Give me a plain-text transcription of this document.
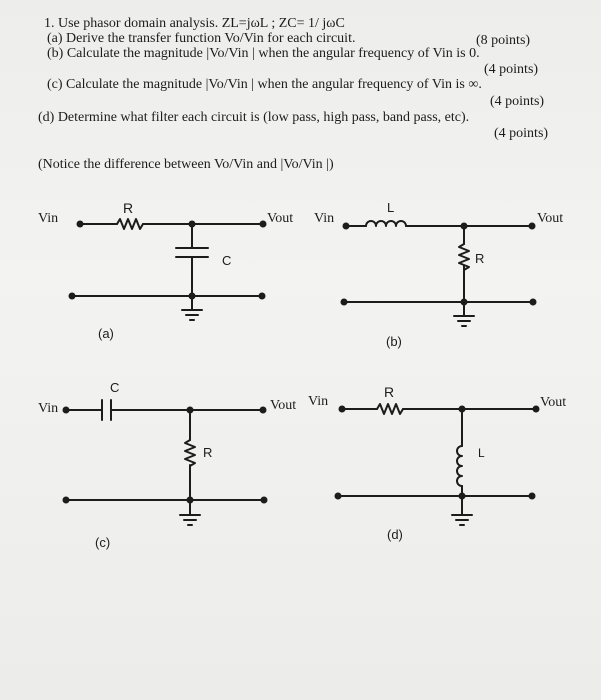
1. Use phasor domain analysis. ZL=jωL ; ZC= 1/ jωC
(a) Derive the transfer function Vo/Vin for each circuit.	(8 points)
(b) Calculate the magnitude |Vo/Vin | when the angular frequency of Vin is 0.
(4 points)
(c) Calculate the magnitude |Vo/Vin | when the angular frequency of Vin is ∞.
(4 points)
(d) Determine what filter each circuit is (low pass, high pass, band pass, etc).
(4 points)
(Notice the difference between Vo/Vin and |Vo/Vin |)
Vin
R
Vout
C
(a)
Vin
L
Vout
R
(b)
Vin
C
Vout
R
(c)
Vin
R
Vout
L
(d)
